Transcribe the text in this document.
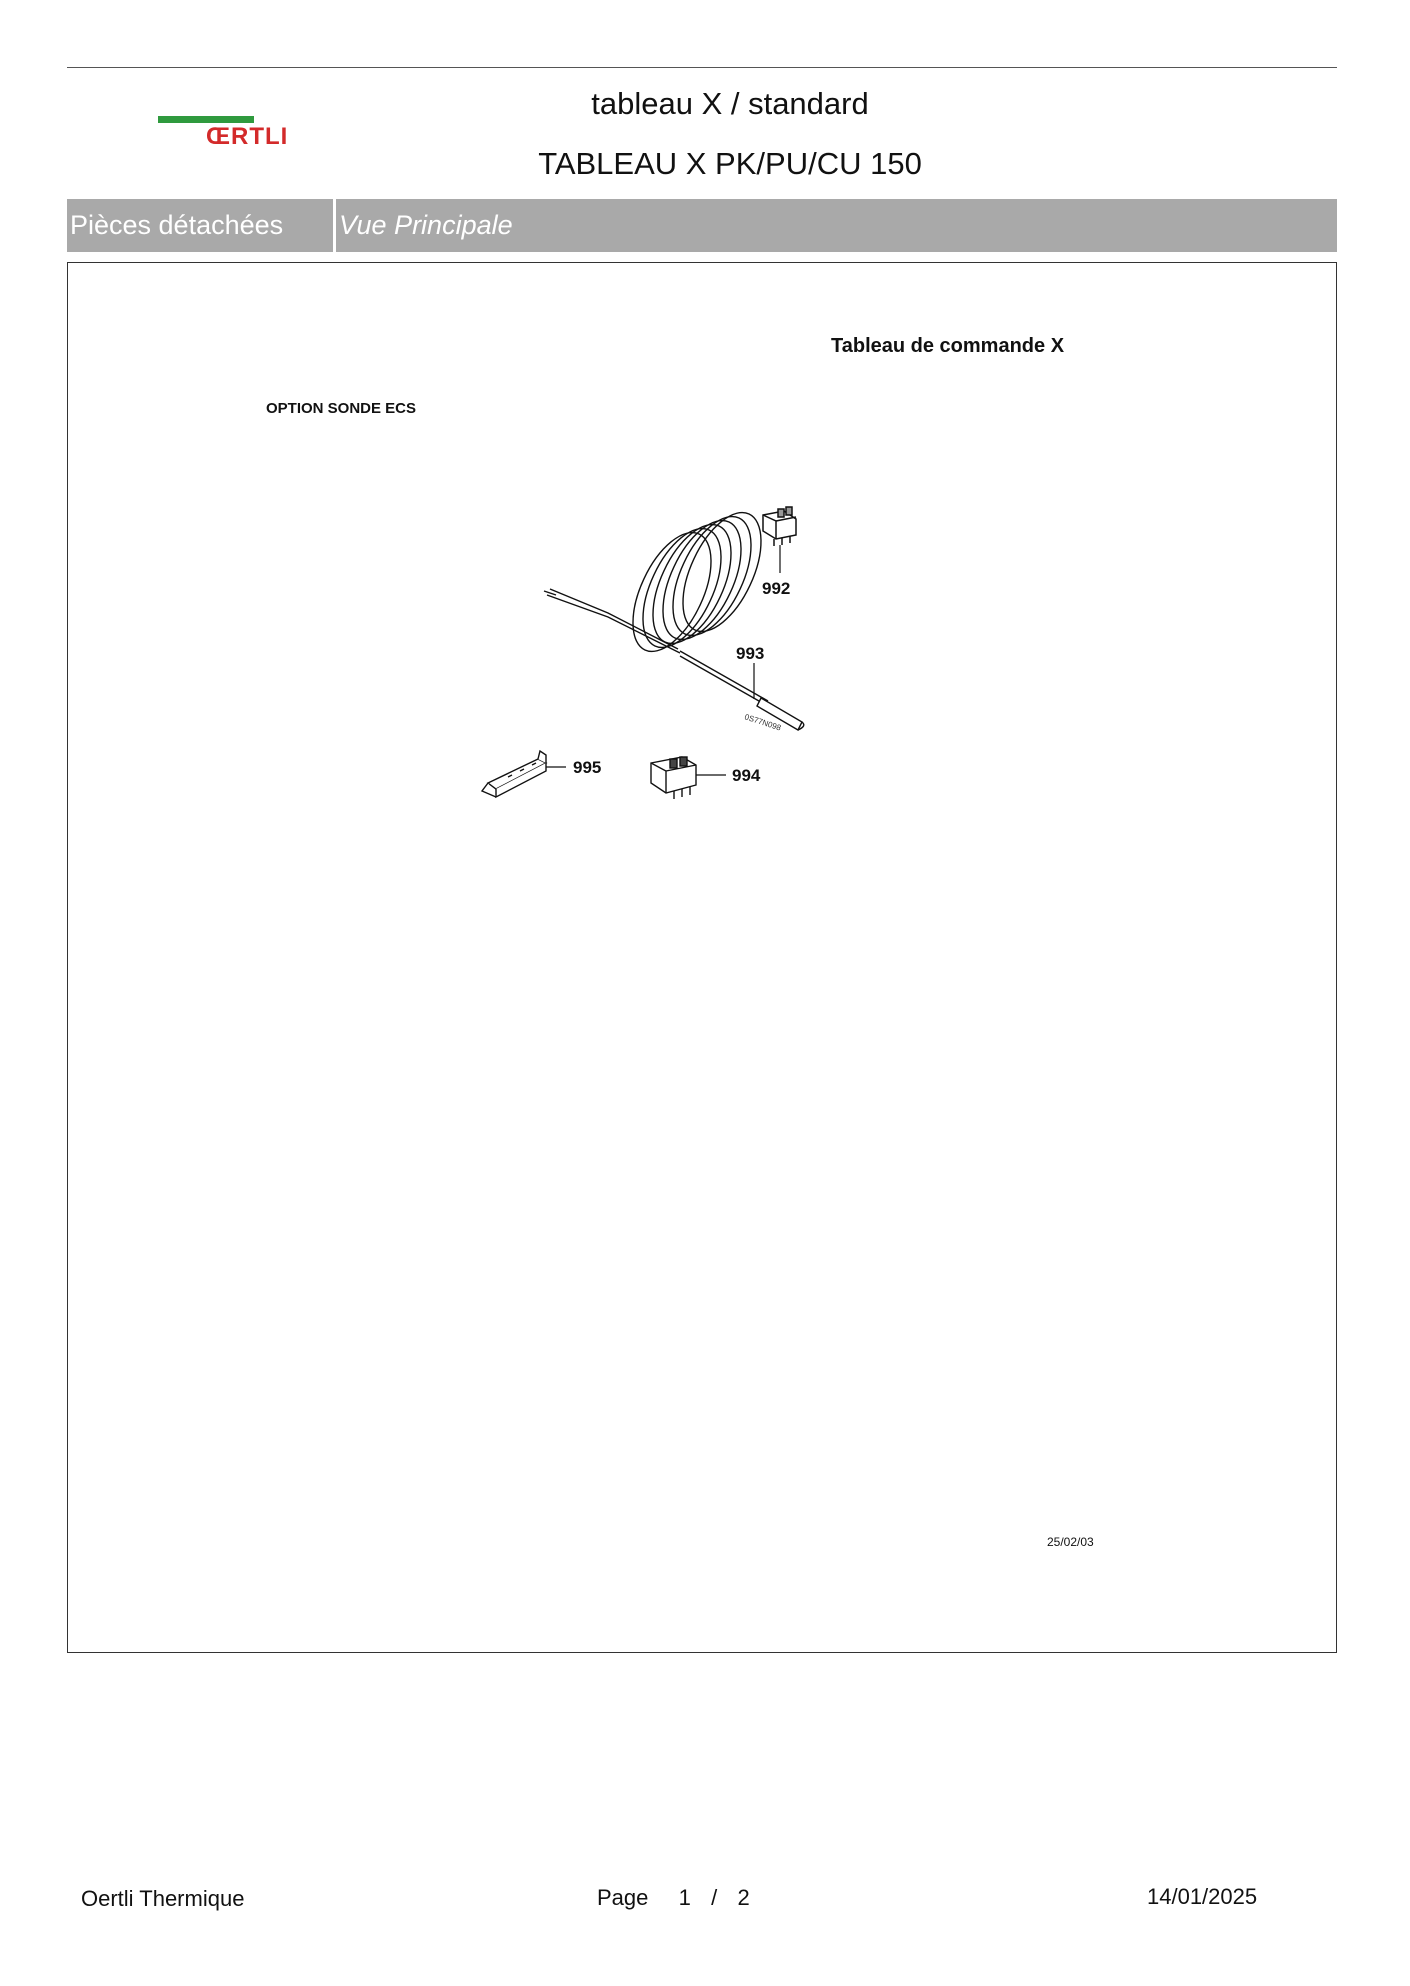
ŒRTLI
tableau X / standard
TABLEAU X PK/PU/CU 150
Pièces détachées	Vue Principale
Tableau de commande X
OPTION SONDE ECS
992
993
0S77N098
995	994
25/02/03
Oertli Thermique	Page 1 / 2	14/01/2025
